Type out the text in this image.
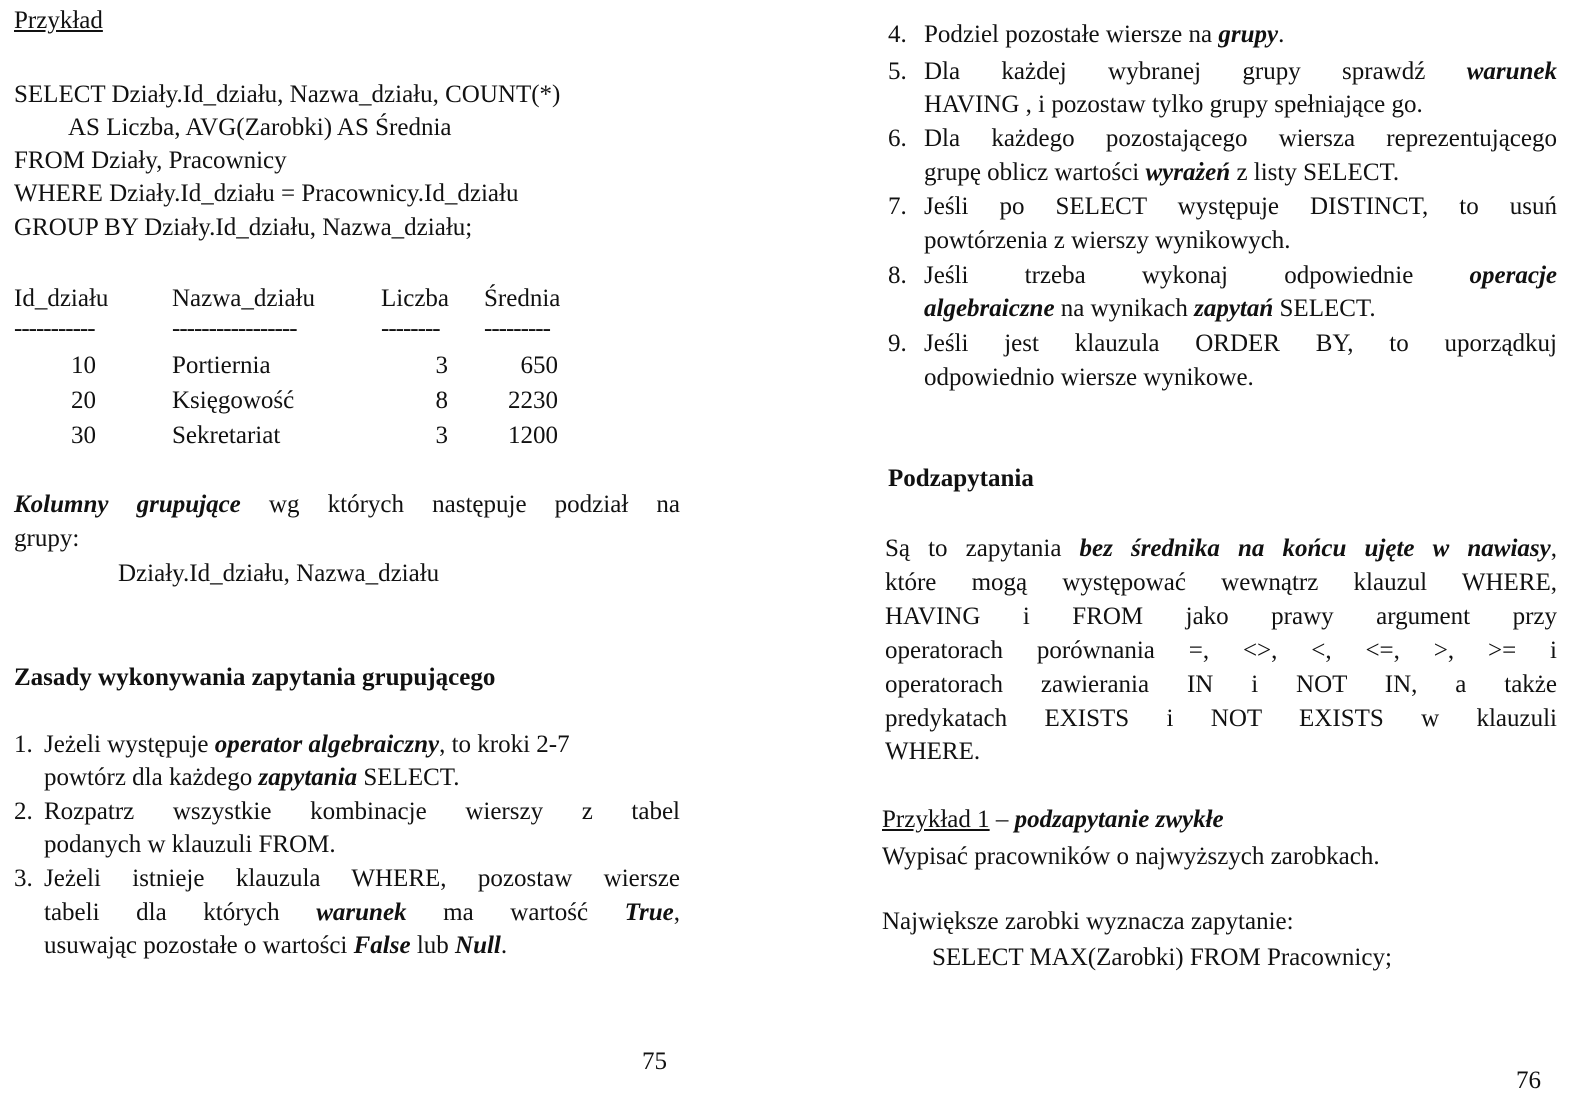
Przykład
SELECT Działy.Id_działu, Nazwa_działu, COUNT(*)
AS Liczba, AVG(Zarobki) AS Średnia
FROM Działy, Pracownicy
WHERE Działy.Id_działu = Pracownicy.Id_działu
GROUP BY Działy.Id_działu, Nazwa_działu;
Id_działu	Nazwa_działu	Liczba Średnia
-----------	-----------------	-------- ---------
10	Portiernia	3	650
20	Księgowość	8	2230
30	Sekretariat	3	1200
Kolumny grupujące wg których następuje podział na
grupy:
Działy.Id_działu, Nazwa_działu
Zasady wykonywania zapytania grupującego
1. Jeżeli występuje operator algebraiczny, to kroki 2-7
powtórz dla każdego zapytania SELECT.
2. Rozpatrz wszystkie kombinacje wierszy z tabel
podanych w klauzuli FROM.
3. Jeżeli istnieje klauzula WHERE, pozostaw wiersze
tabeli dla których warunek ma wartość True,
usuwając pozostałe o wartości False lub Null.
75
4. Podziel pozostałe wiersze na grupy.
5. Dla każdej wybranej grupy sprawdź warunek
HAVING , i pozostaw tylko grupy spełniające go.
6. Dla każdego pozostającego wiersza reprezentującego
grupę oblicz wartości wyrażeń z listy SELECT.
7. Jeśli po SELECT występuje DISTINCT, to usuń
powtórzenia z wierszy wynikowych.
8. Jeśli trzeba wykonaj odpowiednie operacje
algebraiczne na wynikach zapytań SELECT.
9. Jeśli jest klauzula ORDER BY, to uporządkuj
odpowiednio wiersze wynikowe.
Podzapytania
Są to zapytania bez średnika na końcu ujęte w nawiasy,
które mogą występować wewnątrz klauzul WHERE,
HAVING i FROM jako prawy argument przy
operatorach porównania =, <>, <, <=, >, >= i
operatorach zawierania IN i NOT IN, a także
predykatach EXISTS i NOT EXISTS w klauzuli
WHERE.
Przykład 1 – podzapytanie zwykłe
Wypisać pracowników o najwyższych zarobkach.
Największe zarobki wyznacza zapytanie:
SELECT MAX(Zarobki) FROM Pracownicy;
76
